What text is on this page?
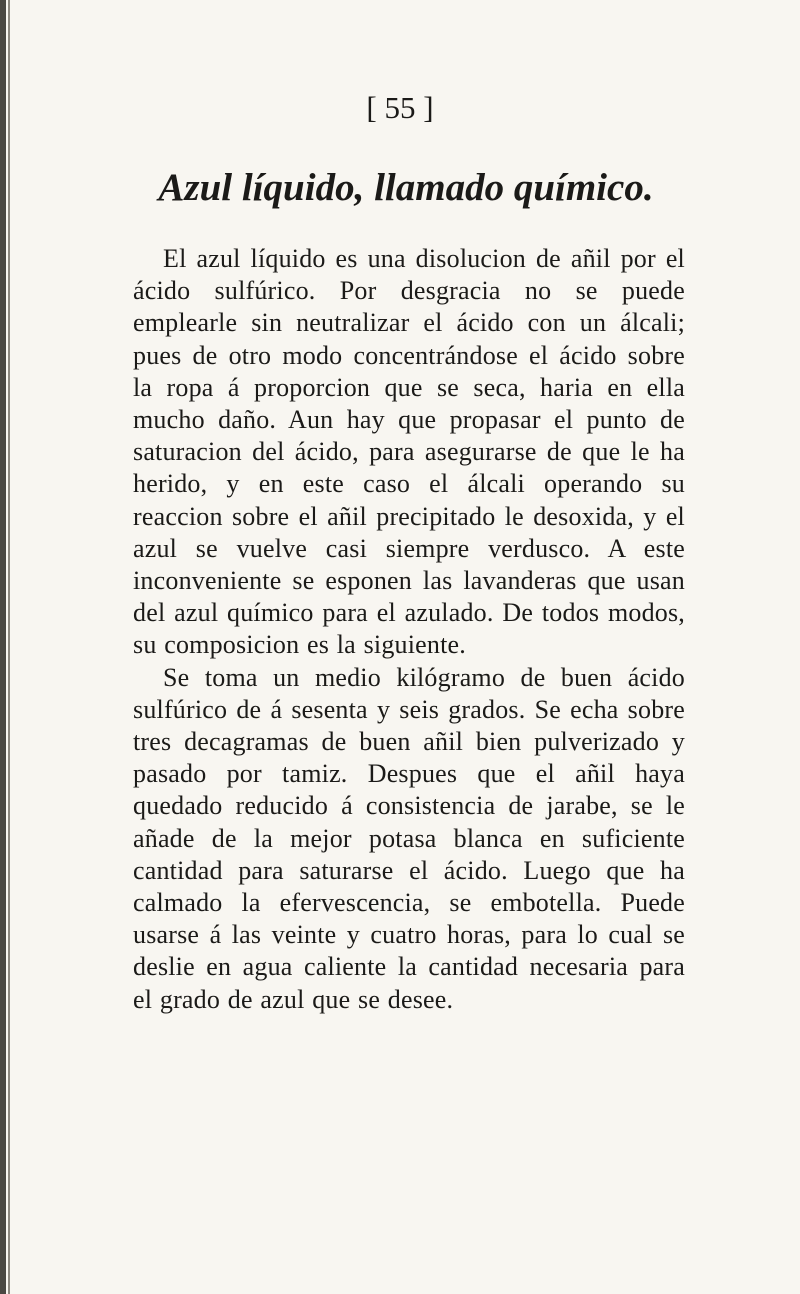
[ 55 ]
Azul líquido, llamado químico.

El azul líquido es una disolucion de añil por el ácido sulfúrico. Por desgracia no se puede emplearle sin neutralizar el ácido con un álcali; pues de otro modo concentrándose el ácido sobre la ropa á proporcion que se seca, haria en ella mucho daño. Aun hay que propasar el punto de saturacion del ácido, para asegurarse de que le ha herido, y en este caso el álcali operando su reaccion sobre el añil precipitado le desoxida, y el azul se vuelve casi siempre verdusco. A este inconveniente se esponen las lavanderas que usan del azul químico para el azulado. De todos modos, su composicion es la siguiente.

Se toma un medio kilógramo de buen ácido sulfúrico de á sesenta y seis grados. Se echa sobre tres decagramas de buen añil bien pulverizado y pasado por tamiz. Despues que el añil haya quedado reducido á consistencia de jarabe, se le añade de la mejor potasa blanca en suficiente cantidad para saturarse el ácido. Luego que ha calmado la efervescencia, se embotella. Puede usarse á las veinte y cuatro horas, para lo cual se deslie en agua caliente la cantidad necesaria para el grado de azul que se desee.
